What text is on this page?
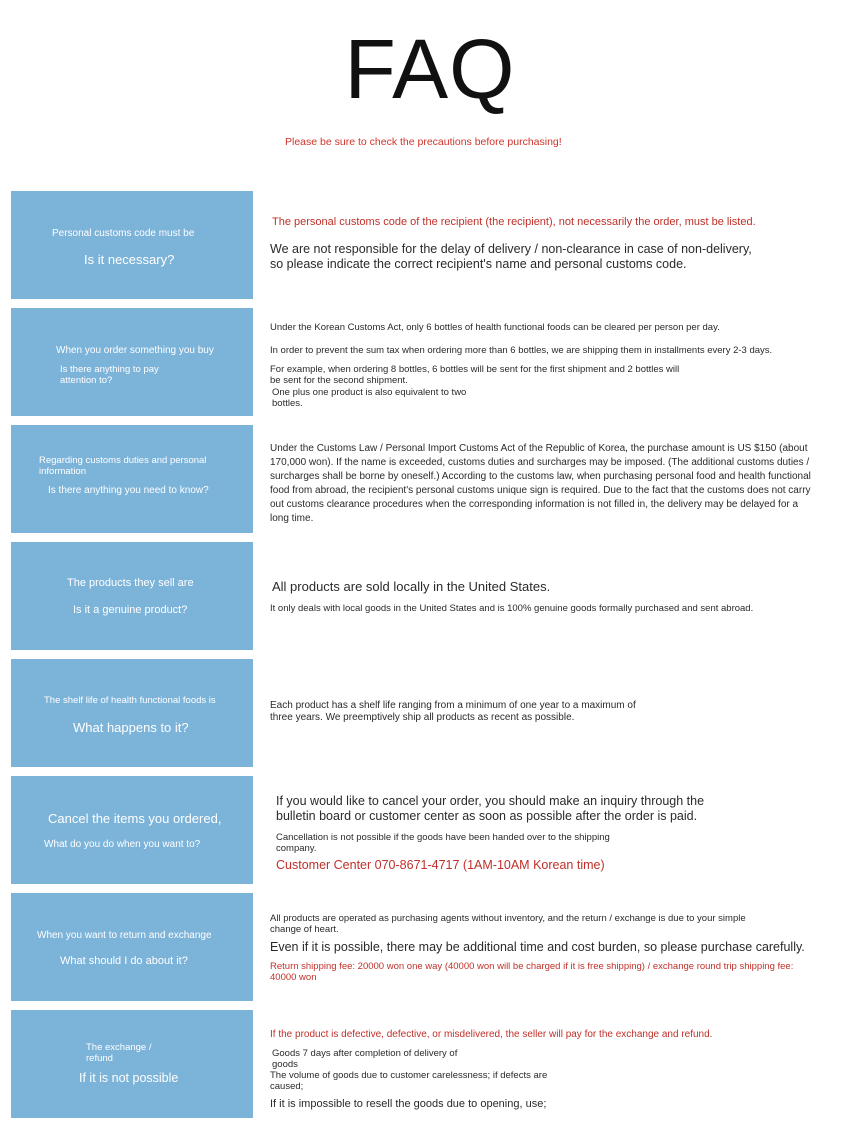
FAQ
Please be sure to check the precautions before purchasing!
Personal customs code must be
Is it necessary?
The personal customs code of the recipient (the recipient), not necessarily the order, must be listed.
We are not responsible for the delay of delivery / non-clearance in case of non-delivery,
so please indicate the correct recipient's name and personal customs code.
When you order something you buy
Is there anything to pay
attention to?
Under the Korean Customs Act, only 6 bottles of health functional foods can be cleared per person per day.
In order to prevent the sum tax when ordering more than 6 bottles, we are shipping them in installments every 2-3 days.
For example, when ordering 8 bottles, 6 bottles will be sent for the first shipment and 2 bottles will
be sent for the second shipment.
One plus one product is also equivalent to two
bottles.
Regarding customs duties and personal
information
Is there anything you need to know?
Under the Customs Law / Personal Import Customs Act of the Republic of Korea, the purchase amount is US $150 (about
170,000 won). If the name is exceeded, customs duties and surcharges may be imposed. (The additional customs duties /
surcharges shall be borne by oneself.) According to the customs law, when purchasing personal food and health functional
food from abroad, the recipient's personal customs unique sign is required. Due to the fact that the customs does not carry
out customs clearance procedures when the corresponding information is not filled in, the delivery may be delayed for a
long time.
The products they sell are
Is it a genuine product?
All products are sold locally in the United States.
It only deals with local goods in the United States and is 100% genuine goods formally purchased and sent abroad.
The shelf life of health functional foods is
What happens to it?
Each product has a shelf life ranging from a minimum of one year to a maximum of
three years. We preemptively ship all products as recent as possible.
Cancel the items you ordered,
What do you do when you want to?
If you would like to cancel your order, you should make an inquiry through the
bulletin board or customer center as soon as possible after the order is paid.
Cancellation is not possible if the goods have been handed over to the shipping
company.
Customer Center 070-8671-4717 (1AM-10AM Korean time)
When you want to return and exchange
What should I do about it?
All products are operated as purchasing agents without inventory, and the return / exchange is due to your simple
change of heart.
Even if it is possible, there may be additional time and cost burden, so please purchase carefully.
Return shipping fee: 20000 won one way (40000 won will be charged if it is free shipping) / exchange round trip shipping fee:
40000 won
The exchange /
refund
If it is not possible
If the product is defective, defective, or misdelivered, the seller will pay for the exchange and refund.
Goods 7 days after completion of delivery of
goods
The volume of goods due to customer carelessness; if defects are
caused;
If it is impossible to resell the goods due to opening, use;
